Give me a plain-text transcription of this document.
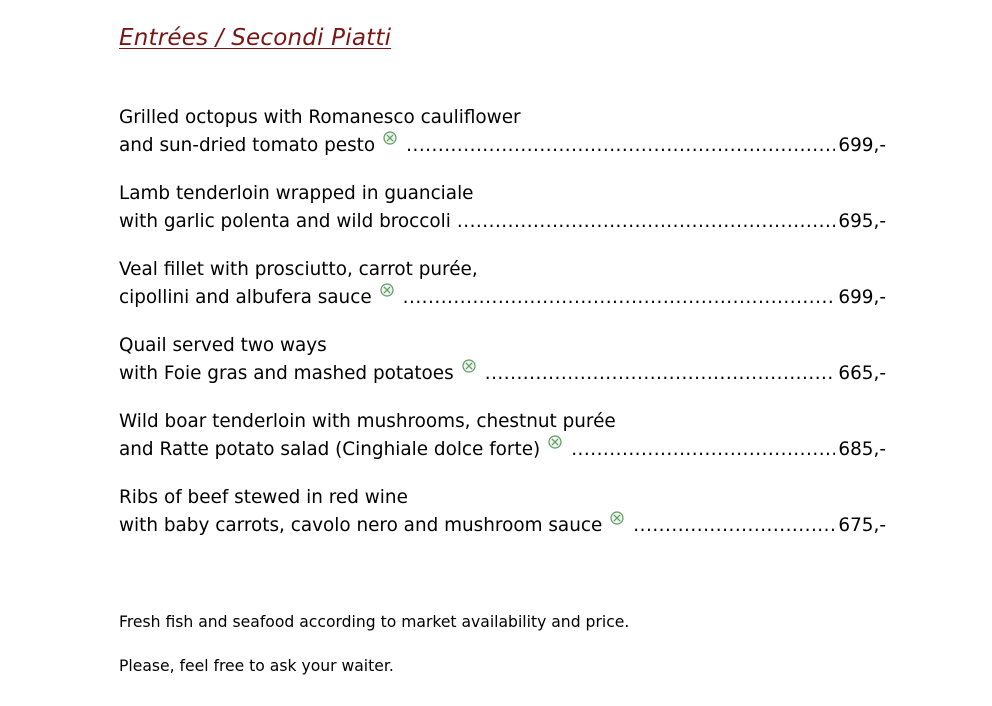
Entrées / Secondi Piatti
Grilled octopus with Romanesco cauliflower
and sun-dried tomato pesto .....	699,-
Lamb tenderloin wrapped in guanciale
with garlic polenta and wild broccoli .....	695,-
Veal fillet with prosciutto, carrot purée,
cipollini and albufera sauce .....	699,-
Quail served two ways
with Foie gras and mashed potatoes .....	665,-
Wild boar tenderloin with mushrooms, chestnut purée
and Ratte potato salad (Cinghiale dolce forte) .....	685,-
Ribs of beef stewed in red wine
with baby carrots, cavolo nero and mushroom sauce .....	675,-

Fresh fish and seafood according to market availability and price.

Please, feel free to ask your waiter.
